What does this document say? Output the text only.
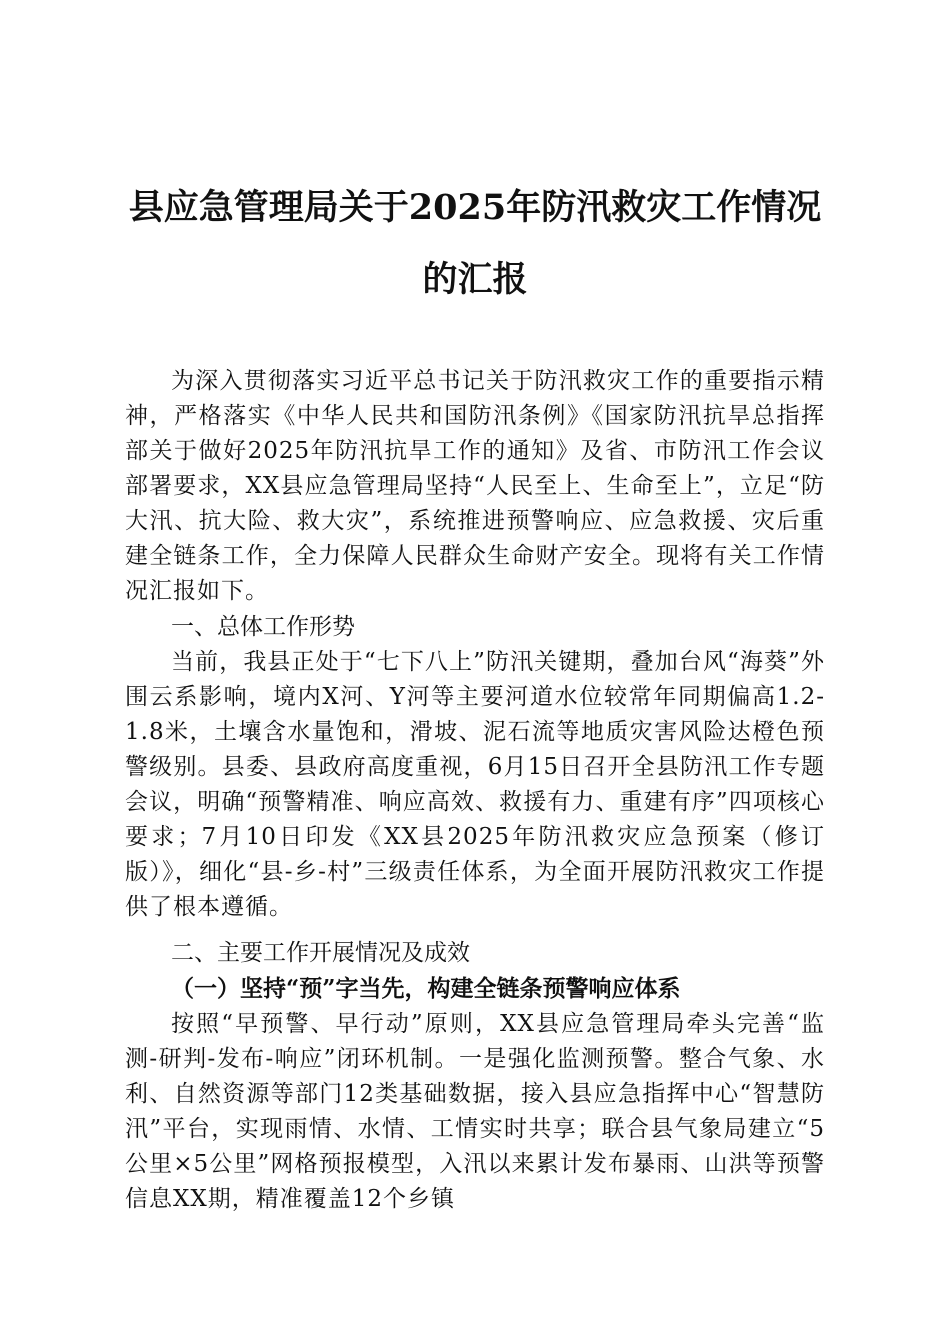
县应急管理局关于2025年防汛救灾工作情况
的汇报

为深入贯彻落实习近平总书记关于防汛救灾工作的重要指示精神，严格落实《中华人民共和国防汛条例》《国家防汛抗旱总指挥部关于做好2025年防汛抗旱工作的通知》及省、市防汛工作会议部署要求，XX县应急管理局坚持“人民至上、生命至上”，立足“防大汛、抗大险、救大灾”，系统推进预警响应、应急救援、灾后重建全链条工作，全力保障人民群众生命财产安全。现将有关工作情况汇报如下。

一、总体工作形势

当前，我县正处于“七下八上”防汛关键期，叠加台风“海葵”外围云系影响，境内X河、Y河等主要河道水位较常年同期偏高1.2-1.8米，土壤含水量饱和，滑坡、泥石流等地质灾害风险达橙色预警级别。县委、县政府高度重视，6月15日召开全县防汛工作专题会议，明确“预警精准、响应高效、救援有力、重建有序”四项核心要求；7月10日印发《XX县2025年防汛救灾应急预案（修订版）》，细化“县-乡-村”三级责任体系，为全面开展防汛救灾工作提供了根本遵循。

二、主要工作开展情况及成效

（一）坚持“预”字当先，构建全链条预警响应体系

按照“早预警、早行动”原则，XX县应急管理局牵头完善“监测-研判-发布-响应”闭环机制。一是强化监测预警。整合气象、水利、自然资源等部门12类基础数据，接入县应急指挥中心“智慧防汛”平台，实现雨情、水情、工情实时共享；联合县气象局建立“5公里×5公里”网格预报模型，入汛以来累计发布暴雨、山洪等预警信息XX期，精准覆盖12个乡镇
